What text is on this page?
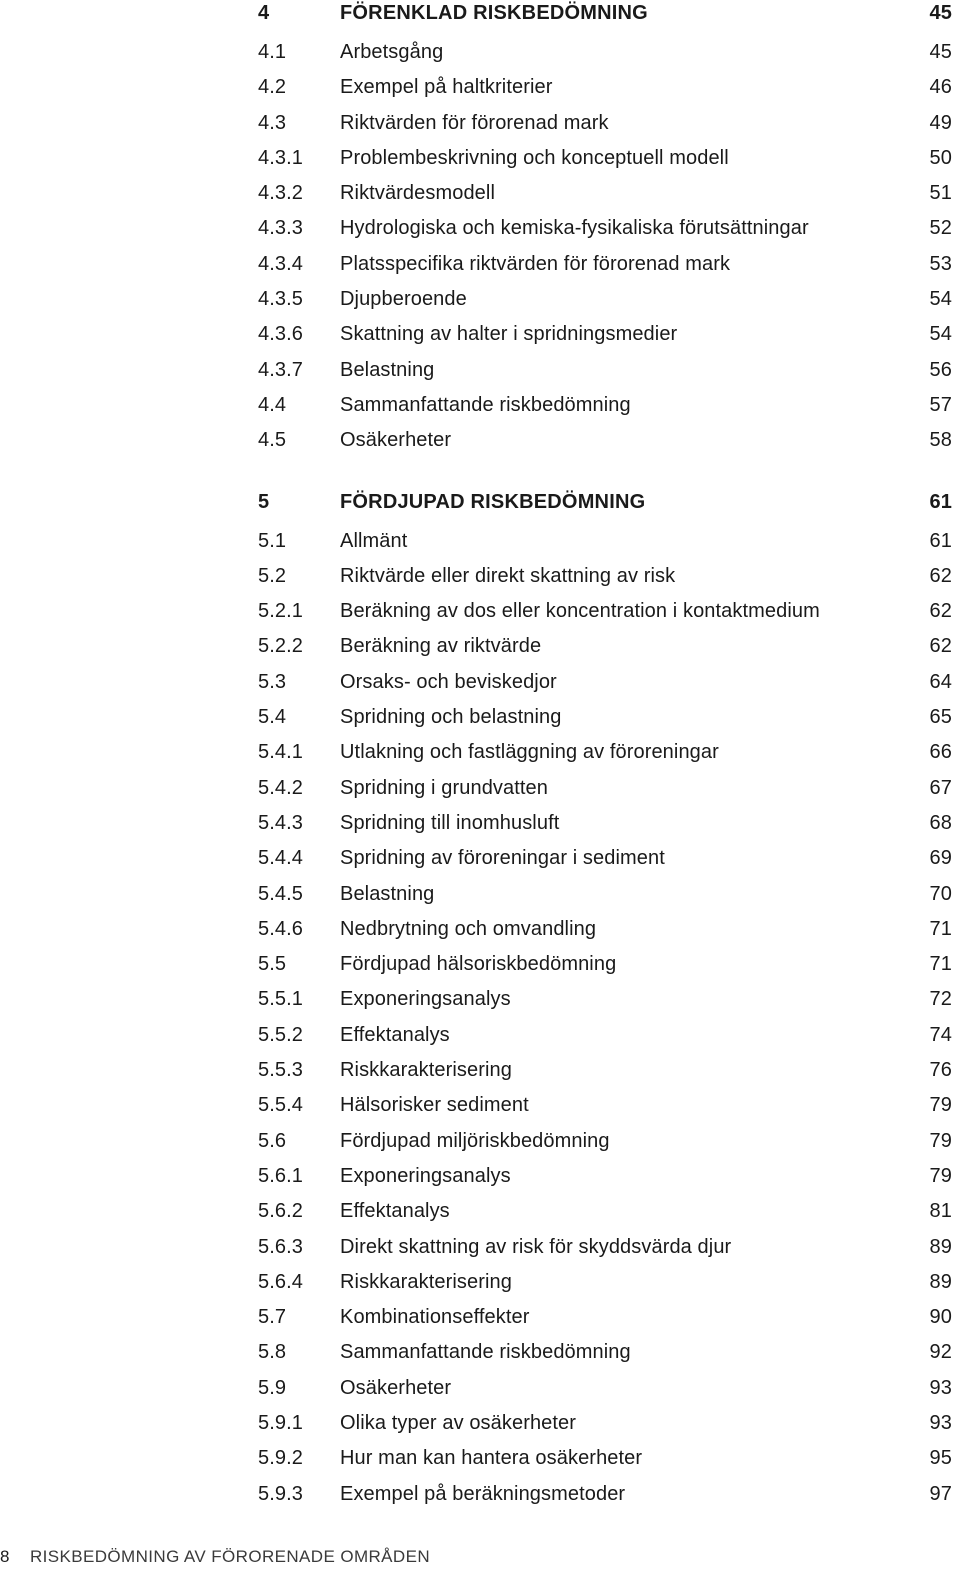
4	FÖRENKLAD RISKBEDÖMNING	45
4.1	Arbetsgång	45
4.2	Exempel på haltkriterier	46
4.3	Riktvärden för förorenad mark	49
4.3.1 Problembeskrivning och konceptuell modell	50
4.3.2 Riktvärdesmodell	51
4.3.3 Hydrologiska och kemiska-fysikaliska förutsättningar	52
4.3.4 Platsspecifika riktvärden för förorenad mark	53
4.3.5 Djupberoende	54
4.3.6 Skattning av halter i spridningsmedier	54
4.3.7 Belastning	56
4.4	Sammanfattande riskbedömning	57
4.5	Osäkerheter	58
5	FÖRDJUPAD RISKBEDÖMNING	61
5.1	Allmänt	61
5.2	Riktvärde eller direkt skattning av risk	62
5.2.1 Beräkning av dos eller koncentration i kontaktmedium	62
5.2.2 Beräkning av riktvärde	62
5.3	Orsaks- och beviskedjor	64
5.4	Spridning och belastning	65
5.4.1 Utlakning och fastläggning av föroreningar	66
5.4.2 Spridning i grundvatten	67
5.4.3 Spridning till inomhusluft	68
5.4.4 Spridning av föroreningar i sediment	69
5.4.5 Belastning	70
5.4.6 Nedbrytning och omvandling	71
5.5	Fördjupad hälsoriskbedömning	71
5.5.1 Exponeringsanalys	72
5.5.2 Effektanalys	74
5.5.3 Riskkarakterisering	76
5.5.4 Hälsorisker sediment	79
5.6	Fördjupad miljöriskbedömning	79
5.6.1 Exponeringsanalys	79
5.6.2 Effektanalys	81
5.6.3 Direkt skattning av risk för skyddsvärda djur	89
5.6.4 Riskkarakterisering	89
5.7	Kombinationseffekter	90
5.8	Sammanfattande riskbedömning	92
5.9	Osäkerheter	93
5.9.1 Olika typer av osäkerheter	93
5.9.2 Hur man kan hantera osäkerheter	95
5.9.3 Exempel på beräkningsmetoder	97
8 RISKBEDÖMNING AV FÖRORENADE OMRÅDEN
